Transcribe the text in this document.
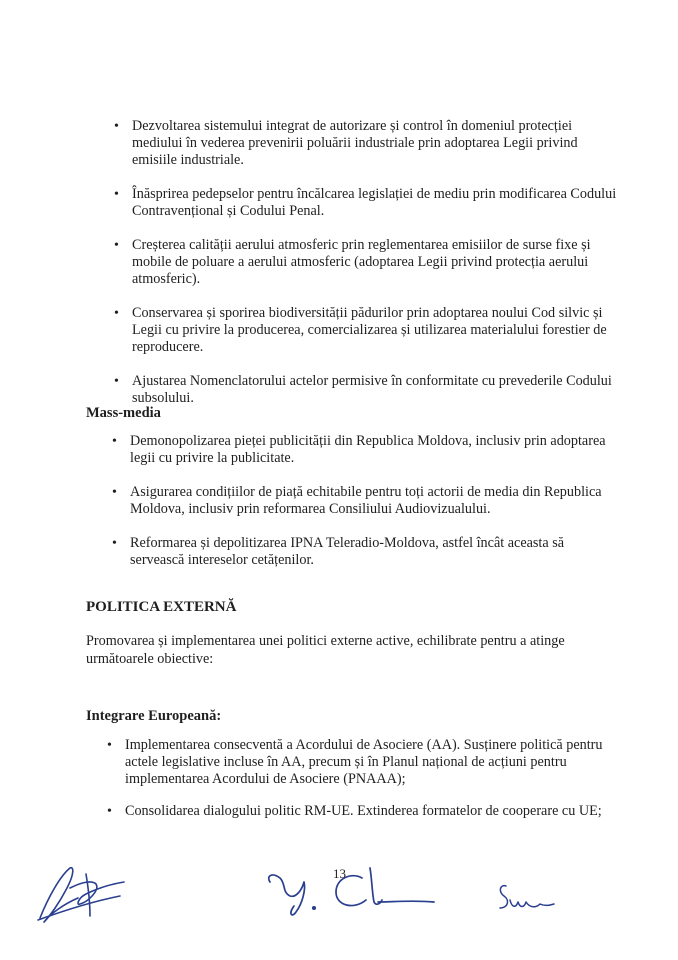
• Dezvoltarea sistemului integrat de autorizare și control în domeniul protecției mediului în vederea prevenirii poluării industriale prin adoptarea Legii privind emisiile industriale.
• Înăsprirea pedepselor pentru încălcarea legislației de mediu prin modificarea Codului Contravențional și Codului Penal.
• Creșterea calității aerului atmosferic prin reglementarea emisiilor de surse fixe și mobile de poluare a aerului atmosferic (adoptarea Legii privind protecția aerului atmosferic).
• Conservarea și sporirea biodiversității pădurilor prin adoptarea noului Cod silvic și Legii cu privire la producerea, comercializarea și utilizarea materialului forestier de reproducere.
• Ajustarea Nomenclatorului actelor permisive în conformitate cu prevederile Codului subsolului.
Mass-media
• Demonopolizarea pieței publicității din Republica Moldova, inclusiv prin adoptarea legii cu privire la publicitate.
• Asigurarea condițiilor de piață echitabile pentru toți actorii de media din Republica Moldova, inclusiv prin reformarea Consiliului Audiovizualului.
• Reformarea și depolitizarea IPNA Teleradio-Moldova, astfel încât aceasta să servească intereselor cetățenilor.
POLITICA EXTERNĂ

Promovarea și implementarea unei politici externe active, echilibrate pentru a atinge următoarele obiective:

Integrare Europeană:
• Implementarea consecventă a Acordului de Asociere (AA). Susținere politică pentru actele legislative incluse în AA, precum și în Planul național de acțiuni pentru implementarea Acordului de Asociere (PNAAA);
• Consolidarea dialogului politic RM-UE. Extinderea formatelor de cooperare cu UE;
13
